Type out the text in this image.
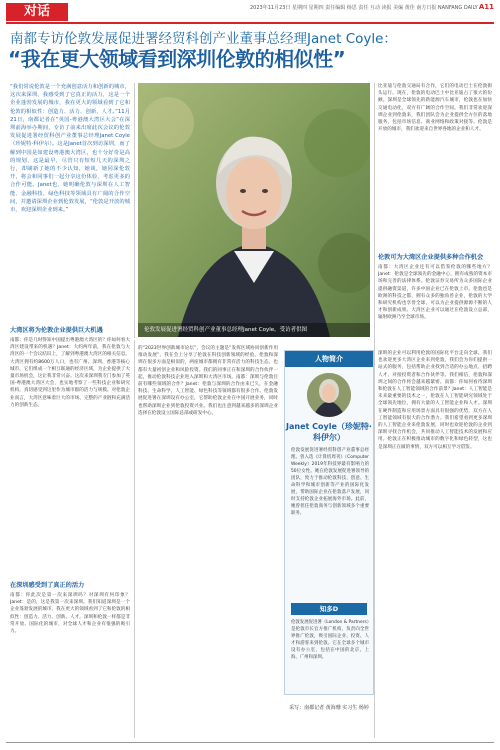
对话	2023年11月23日 星期四 星期四 责任编辑 杨思 责任 互动 读报 美编 黄佳 南方日报 NANFANG DAILY A11
南都专访伦敦发展促进署经贸科创产业董事总经理Janet Coyle：
“我在更大领域看到深圳伦敦的相似性”
“我们常说伦敦是一个充满创意活力和创新的城市，这次来深圳，我感受到了它真正的活力，这是一个企业蓬勃发展的城市，我在更大的领域看到了它和伦敦的相似性：创造力、活力、创新、人才。”11月21日，南都记者在“英国-粤港澳大湾区大会”在深圳前海举办期间，专访了前来出席此次会议的伦敦发展促进署经贸科创产业董事总经理Janet Coyle（珍妮特·科伊尔）。这是Janet首次到访深圳，而了解到中国是如建设粤港澳大湾区，也十分好奇是高的规划，这是最早，尽管只有短短几天的深圳之行，却刷新了她的不少认知，她谈，她同深伦敦开，将会和同事们一起分享这份体验，考虑更多的合作可能。Janet也，她明确伦敦与深圳在人工智能、金融科技、绿色科技等领域具有广阔的合作空间，并邀请深圳企业到伦敦发展，“伦敦是开放的城市，欢迎深圳企业到来。”
伦敦发展促进署经贸科创产业董事总经理Janet Coyle。受访者供图
比亚迪与伦敦交通局有合作，它们的电动巴士在伦敦街头运行。现在，伦敦的电动巴士中比亚迪占了很大的份额。深圳是全球领先的新能源汽车城市，伦敦也在加快交通电动化，双方有广阔的合作空间。我们非常欢迎深圳企业到伦敦来，我们团队会为企业提供全方位的落地服务，包括市场信息、商业网络和政策对接等。伦敦是开放的城市，我们欢迎来自世界各地的企业和人才。
伦敦可为大湾区企业提供多种合作机会
南都：大湾区企业还有可以借鉴伦敦的哪些地方？Janet：伦敦是全球领先的金融中心，拥有成熟的资本市场和完善的法律体系。伦敦证券交易所为众多国际企业提供融资渠道，许多中国企业已在伦敦上市。伦敦也是欧洲的科技之都，拥有众多的独角兽企业，伦敦的大学和研究机构也享誉全球，可以为企业提供源源不断的人才和创新成果。大湾区企业可以通过在伦敦设立总部，辐射欧洲乃至全球市场。
大湾区将为伦敦企业提供巨大机遇
南都：你是几时得知中国提出粤港澳大湾区的？你如何看大湾区建设带来的机遇？Janet：大约两年前，我在伦敦与大湾区的一个会议结识上，了解到粤港澳大湾区的相关信息。大湾区拥有约8600万人口，也有广州、深圳、香港等核心城市，它们组成一个相互联通的经济区域，为企业提供了大量市场机会，这让我非常兴奋。这次来深圳我专门参加了英国-粤港澳大湾区大会，也实地考察了一些科技企业和研究机构，真切感受到这里作为城市群的活力与规模。对伦敦企业而言，大湾区意味着巨大的市场、完整的产业链和充满活力的创新生态。
在深圳感受到了真正的活力
南都：你此次是第一次来深圳吗？对深圳有何印象？Janet：是的，这是我第一次来深圳。我们知道深圳是一个企业蓬勃发展的城市，我在更大的领域看到了它和伦敦的相似性：创造力、活力、创新、人才。深圳和伦敦一样都是非常开放、国际化的城市，对全球人才和企业有很强的吸引力。
的“2023世界创新城市论坛”，会议的主题是“发挥区域协同创新作用推动发展”，我在会上分享了伦敦在科技创新领域的经验。伦敦和深圳在很多方面是相似的，两座城市都拥有非常有活力的科技生态，也都有大量初创企业和风险投资。我们的同事正在和深圳的合作伙伴一起，推动伦敦科技企业进入深圳和大湾区市场。南都：深圳与伦敦目前有哪些领域的合作？Janet：伦敦与深圳的合作由来已久，在金融科技、生命科学、人工智能、绿色科技等领域都有很多合作。伦敦发展促进署在深圳设有办公室，它帮助伦敦企业在中国开展业务，同时也帮助深圳企业到伦敦投资兴业。我们也注意到越来越多的深圳企业选择在伦敦设立国际总部或研发中心。
人物简介
Janet Coyle（珍妮特·科伊尔）
伦敦发展促进署经贸科创产业董事总经理。曾入选《计算机周刊》（Computer Weekly）2019年科技界最有影响力的50位女性。她在伦敦发展促进署领导的团队，致力于推动伦敦科技、创意、生命科学和城市创新等产业的国际化发展，帮助国际企业在伦敦落户发展，同时支持伦敦企业拓展海外市场。此前，她曾担任伦敦商务与创新领域多个重要职务。
知多D
伦敦发展促进署（London & Partners）是伦敦市长官方推广机构，负责向全世界推广伦敦，吸引国际企业、投资、人才和游客来到伦敦。它在全球多个城市设有办公室，包括在中国的北京、上海、广州和深圳。
采写：南都记者 黄海珊 实习生 杨婷
深圳的企业可以利用伦敦的国际化平台走向全球。我们也欢迎更多大湾区企业来到伦敦，我们会为你们提供一站式的服务，包括帮助企业找到合适的办公地点、招聘人才、对接投资者和合作伙伴等。我们相信，伦敦和深圳之间的合作将会越来越紧密。南都：你如何看待深圳和伦敦在人工智能领域的合作前景？Janet：人工智能是未来最重要的技术之一，伦敦在人工智能研究领域处于全球领先地位，拥有大量的人工智能企业和人才。深圳在硬件制造和应用场景方面具有很强的优势，双方在人工智能领域有很大的合作潜力。我们希望看到更多深圳的人工智能企业来伦敦发展，同时也欢迎伦敦的企业到深圳寻找合作机会，共同推动人工智能技术的发展和应用。伦敦正在积极推动城市的数字化和绿色转型，这也是深圳正在做的事情，双方可以相互学习借鉴。
